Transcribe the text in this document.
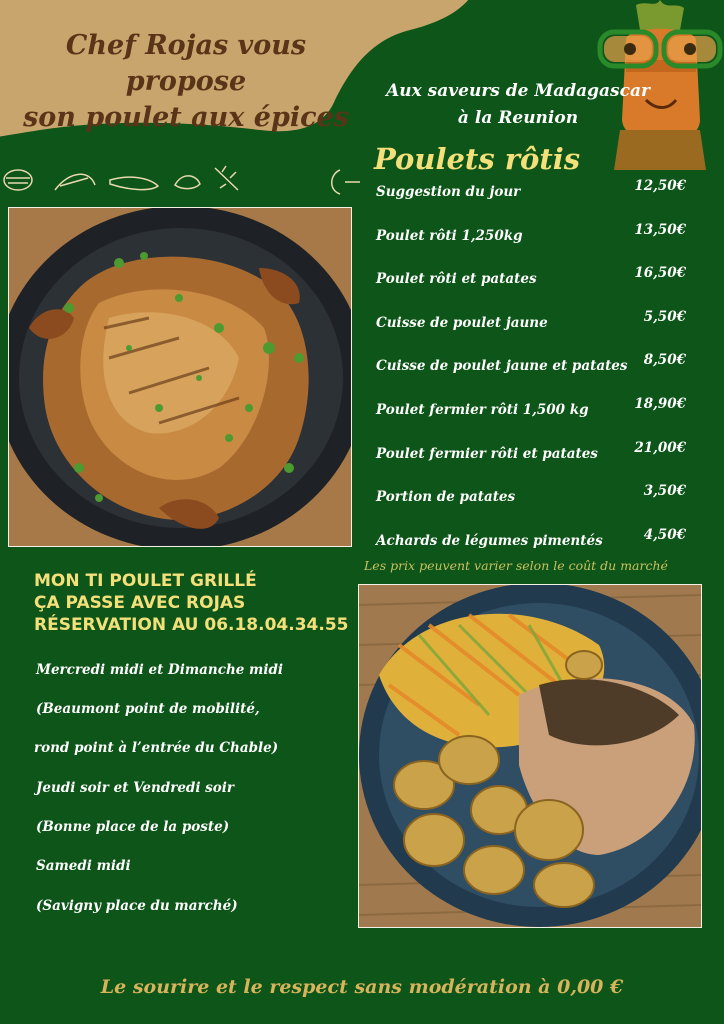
Chef Rojas vous propose
son poulet aux épices
Aux saveurs de Madagascar
à la Reunion
Poulets rôtis
Suggestion du jour	12,50€
Poulet rôti 1,250kg	13,50€
Poulet rôti et patates	16,50€
Cuisse de poulet jaune	5,50€
Cuisse de poulet jaune et patates 8,50€
Poulet fermier rôti 1,500 kg	18,90€
Poulet fermier rôti et patates	21,00€
Portion de patates	3,50€
Achards de légumes pimentés	4,50€
Les prix peuvent varier selon le coût du marché
MON TI POULET GRILLÉ
ÇA PASSE AVEC ROJAS
RÉSERVATION AU 06.18.04.34.55
Mercredi midi et Dimanche midi
(Beaumont point de mobilité,
rond point à l’entrée du Chable)
Jeudi soir et Vendredi soir
(Bonne place de la poste)
Samedi midi
(Savigny place du marché)
Le sourire et le respect sans modération à 0,00 €
